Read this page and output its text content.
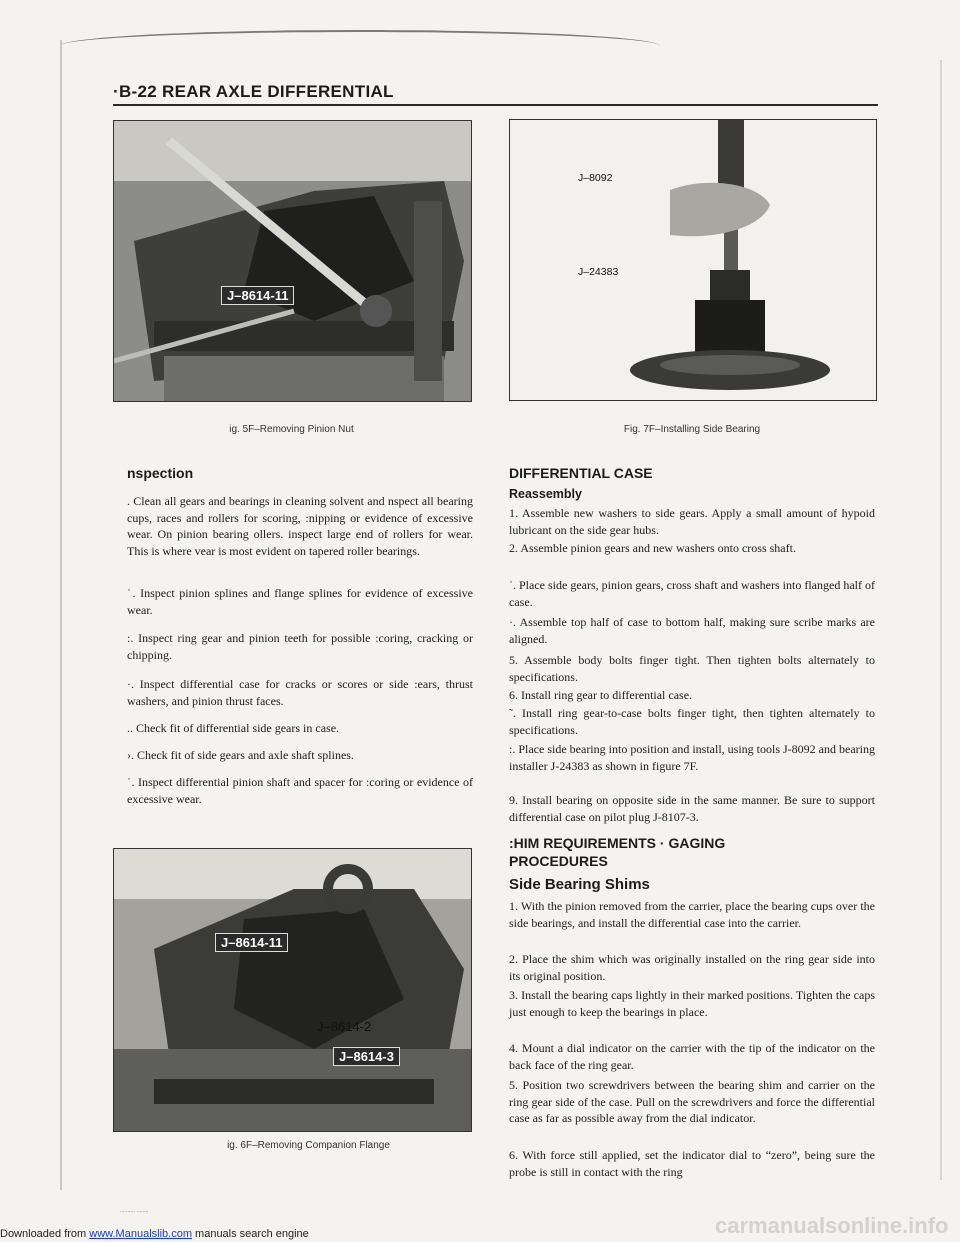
·B-22 REAR AXLE DIFFERENTIAL
J–8614-11
ig. 5F–Removing Pinion Nut
J–8092
J–24383
Fig. 7F–Installing Side Bearing
J–8614-11
J–8614-2
J–8614-3
ig. 6F–Removing Companion Flange
nspection

. Clean all gears and bearings in cleaning solvent and nspect all bearing cups, races and rollers for scoring, :nipping or evidence of excessive wear. On pinion bearing ollers. inspect large end of rollers for wear. This is where vear is most evident on tapered roller bearings.

˙. Inspect pinion splines and flange splines for evidence of excessive wear.

:. Inspect ring gear and pinion teeth for possible :coring, cracking or chipping.

·. Inspect differential case for cracks or scores or side :ears, thrust washers, and pinion thrust faces.

.. Check fit of differential side gears in case.

›. Check fit of side gears and axle shaft splines.

˙. Inspect differential pinion shaft and spacer for :coring or evidence of excessive wear.

DIFFERENTIAL CASE
Reassembly

1. Assemble new washers to side gears. Apply a small amount of hypoid lubricant on the side gear hubs.

2. Assemble pinion gears and new washers onto cross shaft.

˙. Place side gears, pinion gears, cross shaft and washers into flanged half of case.

·. Assemble top half of case to bottom half, making sure scribe marks are aligned.

5. Assemble body bolts finger tight. Then tighten bolts alternately to specifications.

6. Install ring gear to differential case.

˜. Install ring gear-to-case bolts finger tight, then tighten alternately to specifications.

:. Place side bearing into position and install, using tools J-8092 and bearing installer J-24383 as shown in figure 7F.

9. Install bearing on opposite side in the same manner. Be sure to support differential case on pilot plug J-8107-3.

:HIM REQUIREMENTS · GAGING
PROCEDURES
Side Bearing Shims

1. With the pinion removed from the carrier, place the bearing cups over the side bearings, and install the differential case into the carrier.

2. Place the shim which was originally installed on the ring gear side into its original position.

3. Install the bearing caps lightly in their marked positions. Tighten the caps just enough to keep the bearings in place.

4. Mount a dial indicator on the carrier with the tip of the indicator on the back face of the ring gear.

5. Position two screwdrivers between the bearing shim and carrier on the ring gear side of the case. Pull on the screwdrivers and force the differential case as far as possible away from the dial indicator.

6. With force still applied, set the indicator dial to “zero”, being sure the probe is still in contact with the ring

.......... ........
carmanualsonline.info
Downloaded from www.Manualslib.com manuals search engine
